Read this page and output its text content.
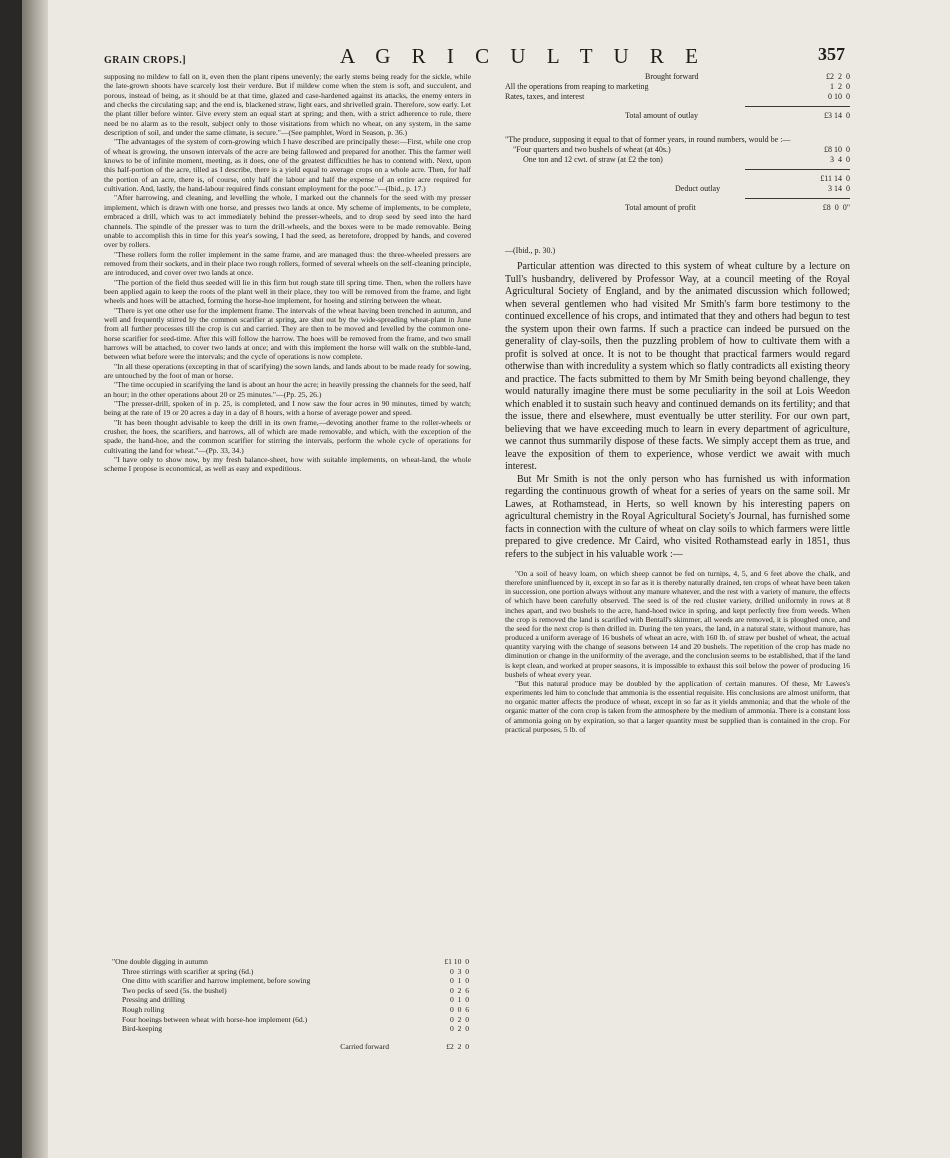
GRAIN CROPS.]	A G R I C U L T U R E	357

supposing no mildew to fall on it, even then the plant ripens unevenly; the early stems being ready for the sickle, while the late-grown shoots have scarcely lost their verdure. But if mildew come when the stem is soft, and succulent, and porous, instead of being, as it should be at that time, glazed and case-hardened against its attacks, the enemy enters in and checks the circulating sap; and the end is, blackened straw, light ears, and shrivelled grain. Therefore, sow early. Let the plant tiller before winter. Give every stem an equal start at spring; and then, with a strict adherence to rule, there need be no alarm as to the result, subject only to those visitations from which no wheat, on any system, in the same description of soil, and under the same climate, is secure."—(See pamphlet, Word in Season, p. 36.)

"The advantages of the system of corn-growing which I have described are principally these:—First, while one crop of wheat is growing, the unsown intervals of the acre are being fallowed and prepared for another. This the farmer well knows to be of infinite moment, meeting, as it does, one of the greatest difficulties he has to contend with. Next, upon this half-portion of the acre, tilled as I describe, there is a yield equal to average crops on a whole acre. Then, for half the portion of an acre, there is, of course, only half the labour and half the expense of an entire acre required for cultivation. And, lastly, the hand-labour required finds constant employment for the poor."—(Ibid., p. 17.)

"After harrowing, and cleaning, and levelling the whole, I marked out the channels for the seed with my presser implement, which is drawn with one horse, and presses two lands at once. My scheme of implements, to be complete, embraced a drill, which was to act immediately behind the presser-wheels, and to drop seed by seed into the hard channels. The spindle of the presser was to turn the drill-wheels, and the boxes were to be made removable. Being unable to accomplish this in time for this year's sowing, I had the seed, as heretofore, dropped by hands, and covered over by rollers.

"These rollers form the roller implement in the same frame, and are managed thus: the three-wheeled pressers are removed from their sockets, and in their place two rough rollers, formed of several wheels on the self-cleaning principle, are introduced, and cover over two lands at once.

"The portion of the field thus seeded will lie in this firm but rough state till spring time. Then, when the rollers have been applied again to keep the roots of the plant well in their place, they too will be removed from the frame, and light wheels and hoes will be attached, forming the horse-hoe implement, for hoeing and stirring between the wheat.

"There is yet one other use for the implement frame. The intervals of the wheat having been trenched in autumn, and well and frequently stirred by the common scarifier at spring, are shut out by the wide-spreading wheat-plant in June from all further processes till the crop is cut and carried. They are then to be moved and levelled by the common one-horse scarifier for seed-time. After this will follow the harrow. The hoes will be removed from the frame, and two small harrows will be attached, to cover two lands at once; and with this implement the horse will walk on the stubble-land, between what before were the intervals; and the cycle of operations is now complete.

"In all these operations (excepting in that of scarifying) the sown lands, and lands about to be made ready for sowing, are untouched by the foot of man or horse.

"The time occupied in scarifying the land is about an hour the acre; in heavily pressing the channels for the seed, half an hour; in the other operations about 20 or 25 minutes."—(Pp. 25, 26.)

"The presser-drill, spoken of in p. 25, is completed, and I now saw the four acres in 90 minutes, timed by watch; being at the rate of 19 or 20 acres a day in a day of 8 hours, with a horse of average power and speed.

"It has been thought advisable to keep the drill in its own frame,—devoting another frame to the roller-wheels or crusher, the hoes, the scarifiers, and harrows, all of which are made removable, and which, with the exception of the spade, the hand-hoe, and the common scarifier for stirring the intervals, perform the whole cycle of operations for cultivating the land for wheat."—(Pp. 33, 34.)

"I have only to show now, by my fresh balance-sheet, how with suitable implements, on wheat-land, the whole scheme I propose is economical, as well as easy and expeditious.

"One double digging in autumn	£1 10  0
Three stirrings with scarifier at spring (6d.)	0  3  0
One ditto with scarifier and harrow implement, before sowing	0  1  0
Two pecks of seed (5s. the bushel)	0  2  6
Pressing and drilling	0  1  0
Rough rolling	0  0  6
Four hoeings between wheat with horse-hoe implement (6d.)	0  2  0
Bird-keeping	0  2  0
Carried forward	£2  2  0
Brought forward	£2  2  0
All the operations from reaping to marketing	1  2  0
Rates, taxes, and interest	0 10  0
Total amount of outlay	£3 14  0
"The produce, supposing it equal to that of former years, in round numbers, would be :—
"Four quarters and two bushels of wheat (at 40s.)	£8 10  0
One ton and 12 cwt. of straw (at £2 the ton)	3  4  0
£11 14  0
Deduct outlay	3 14  0
Total amount of profit	£8  0  0"
—(Ibid., p. 30.)

Particular attention was directed to this system of wheat culture by a lecture on Tull's husbandry, delivered by Professor Way, at a council meeting of the Royal Agricultural Society of England, and by the animated discussion which followed; when several gentlemen who had visited Mr Smith's farm bore testimony to the continued excellence of his crops, and intimated that they and others had begun to test the system upon their own farms. If such a practice can indeed be pursued on the generality of clay-soils, then the puzzling problem of how to cultivate them with a profit is solved at once. It is not to be thought that practical farmers would regard otherwise than with incredulity a system which so flatly contradicts all existing theory and practice. The facts submitted to them by Mr Smith being beyond challenge, they would naturally imagine there must be some peculiarity in the soil at Lois Weedon which enabled it to sustain such heavy and continued demands on its fertility; and that the issue, there and elsewhere, must eventually be utter sterility. For our own part, believing that we have exceeding much to learn in every department of agriculture, we cannot thus summarily dispose of these facts. We simply accept them as true, and leave the exposition of them to experience, whose verdict we await with much interest.

But Mr Smith is not the only person who has furnished us with information regarding the continuous growth of wheat for a series of years on the same soil. Mr Lawes, at Rothamstead, in Herts, so well known by his interesting papers on agricultural chemistry in the Royal Agricultural Society's Journal, has furnished some facts in connection with the culture of wheat on clay soils to which farmers were little prepared to give credence. Mr Caird, who visited Rothamstead early in 1851, thus refers to the subject in his valuable work :—

"On a soil of heavy loam, on which sheep cannot be fed on turnips, 4, 5, and 6 feet above the chalk, and therefore uninfluenced by it, except in so far as it is thereby naturally drained, ten crops of wheat have been taken in succession, one portion always without any manure whatever, and the rest with a variety of manure, the effects of which have been carefully observed. The seed is of the red cluster variety, drilled uniformly in rows at 8 inches apart, and two bushels to the acre, hand-hoed twice in spring, and kept perfectly free from weeds. When the crop is removed the land is scarified with Bentall's skimmer, all weeds are removed, it is ploughed once, and the seed for the next crop is then drilled in. During the ten years, the land, in a natural state, without manure, has produced a uniform average of 16 bushels of wheat an acre, with 160 lb. of straw per bushel of wheat, the actual quantity varying with the change of seasons between 14 and 20 bushels. The repetition of the crop has made no diminution or change in the uniformity of the average, and the conclusion seems to be established, that if the land is kept clean, and worked at proper seasons, it is impossible to exhaust this soil below the power of producing 16 bushels of wheat every year.

"But this natural produce may be doubled by the application of certain manures. Of these, Mr Lawes's experiments led him to conclude that ammonia is the essential requisite. His conclusions are almost uniform, that no organic matter affects the produce of wheat, except in so far as it yields ammonia; and that the whole of the organic matter of the corn crop is taken from the atmosphere by the medium of ammonia. There is a constant loss of ammonia going on by expiration, so that a larger quantity must be supplied than is contained in the crop. For practical purposes, 5 lb. of
